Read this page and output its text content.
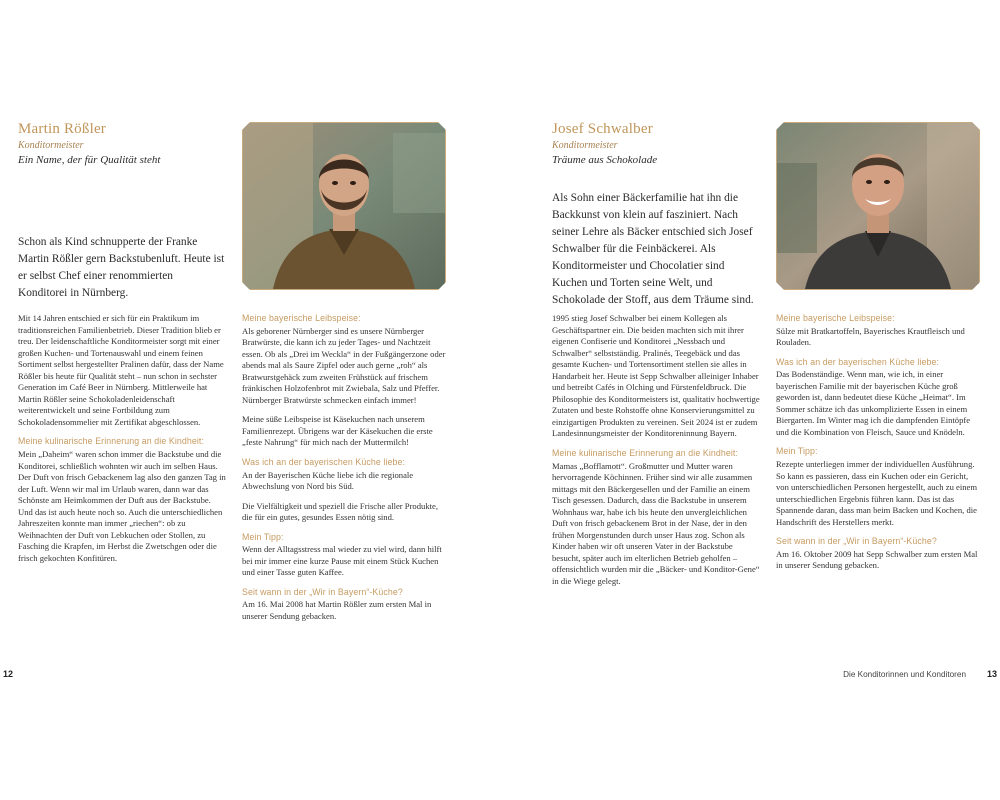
Martin Rößler
Konditormeister
Ein Name, der für Qualität steht
Schon als Kind schnupperte der Franke Martin Rößler gern Backstubenluft. Heute ist er selbst Chef einer renommierten Konditorei in Nürnberg.

Mit 14 Jahren entschied er sich für ein Praktikum im traditionsreichen Familienbetrieb. Dieser Tradition blieb er treu. Der leidenschaftliche Konditormeister sorgt mit einer großen Kuchen- und Tortenauswahl und einem feinen Sortiment selbst hergestellter Pralinen dafür, dass der Name Rößler bis heute für Qualität steht – nun schon in sechster Generation im Café Beer in Nürnberg. Mittlerweile hat Martin Rößler seine Schokoladenleidenschaft weiterentwickelt und seine Fortbildung zum Schokoladensommelier mit Zertifikat abgeschlossen.

Meine kulinarische Erinnerung an die Kindheit:

Mein „Daheim“ waren schon immer die Backstube und die Konditorei, schließlich wohnten wir auch im selben Haus. Der Duft von frisch Gebackenem lag also den ganzen Tag in der Luft. Wenn wir mal im Urlaub waren, dann war das Schönste am Heimkommen der Duft aus der Backstube. Und das ist auch heute noch so. Auch die unterschiedlichen Jahreszeiten konnte man immer „riechen“: ob zu Weihnachten der Duft von Lebkuchen oder Stollen, zu Fasching die Krapfen, im Herbst die Zwetschgen oder die frisch gekochten Konfitüren.

Meine bayerische Leibspeise:

Als geborener Nürnberger sind es unsere Nürnberger Bratwürste, die kann ich zu jeder Tages- und Nachtzeit essen. Ob als „Drei im Weckla“ in der Fußgängerzone oder abends mal als Saure Zipfel oder auch gerne „roh“ als Bratwurstgehäck zum zweiten Frühstück auf frischem fränkischen Holzofenbrot mit Zwiebala, Salz und Pfeffer. Nürnberger Bratwürste schmecken einfach immer!

Meine süße Leibspeise ist Käsekuchen nach unserem Familienrezept. Übrigens war der Käsekuchen die erste „feste Nahrung“ für mich nach der Muttermilch!

Was ich an der bayerischen Küche liebe:

An der Bayerischen Küche liebe ich die regionale Abwechslung von Nord bis Süd.

Die Vielfältigkeit und speziell die Frische aller Produkte, die für ein gutes, gesundes Essen nötig sind.

Mein Tipp:

Wenn der Alltagsstress mal wieder zu viel wird, dann hilft bei mir immer eine kurze Pause mit einem Stück Kuchen und einer Tasse guten Kaffee.

Seit wann in der „Wir in Bayern“-Küche?

Am 16. Mai 2008 hat Martin Rößler zum ersten Mal in unserer Sendung gebacken.

12
Josef Schwalber
Konditormeister
Träume aus Schokolade
Als Sohn einer Bäckerfamilie hat ihn die Backkunst von klein auf fasziniert. Nach seiner Lehre als Bäcker entschied sich Josef Schwalber für die Feinbäckerei. Als Konditormeister und Chocolatier sind Kuchen und Torten seine Welt, und Schokolade der Stoff, aus dem Träume sind.

1995 stieg Josef Schwalber bei einem Kollegen als Geschäftspartner ein. Die beiden machten sich mit ihrer eigenen Confiserie und Konditorei „Nessbach und Schwalber“ selbstständig. Pralinés, Teegebäck und das gesamte Kuchen- und Tortensortiment stellen sie alles in Handarbeit her. Heute ist Sepp Schwalber alleiniger Inhaber und betreibt Cafés in Olching und Fürstenfeldbruck. Die Philosophie des Konditormeisters ist, qualitativ hochwertige Zutaten und beste Rohstoffe ohne Konservierungsmittel zu einzigartigen Produkten zu vereinen. Seit 2024 ist er zudem Landesinnungsmeister der Konditoreninnung Bayern.

Meine kulinarische Erinnerung an die Kindheit:

Mamas „Bofflamott“. Großmutter und Mutter waren hervorragende Köchinnen. Früher sind wir alle zusammen mittags mit den Bäckergesellen und der Familie an einem Tisch gesessen. Dadurch, dass die Backstube in unserem Wohnhaus war, habe ich bis heute den unvergleichlichen Duft von frisch gebackenem Brot in der Nase, der in den frühen Morgenstunden durch unser Haus zog. Schon als Kinder haben wir oft unseren Vater in der Backstube besucht, später auch im elterlichen Betrieb geholfen – offensichtlich wurden mir die „Bäcker- und Konditor-Gene“ in die Wiege gelegt.

Meine bayerische Leibspeise:

Sülze mit Bratkartoffeln, Bayerisches Krautfleisch und Rouladen.

Was ich an der bayerischen Küche liebe:

Das Bodenständige. Wenn man, wie ich, in einer bayerischen Familie mit der bayerischen Küche groß geworden ist, dann bedeutet diese Küche „Heimat“. Im Sommer schätze ich das unkomplizierte Essen in einem Biergarten. Im Winter mag ich die dampfenden Eintöpfe und die Kombination von Fleisch, Sauce und Knödeln.

Mein Tipp:

Rezepte unterliegen immer der individuellen Ausführung. So kann es passieren, dass ein Kuchen oder ein Gericht, von unterschiedlichen Personen hergestellt, auch zu einem unterschiedlichen Ergebnis führen kann. Das ist das Spannende daran, dass man beim Backen und Kochen, die Handschrift des Herstellers merkt.

Seit wann in der „Wir in Bayern“-Küche?

Am 16. Oktober 2009 hat Sepp Schwalber zum ersten Mal in unserer Sendung gebacken.

Die Konditorinnen und Konditoren 13
